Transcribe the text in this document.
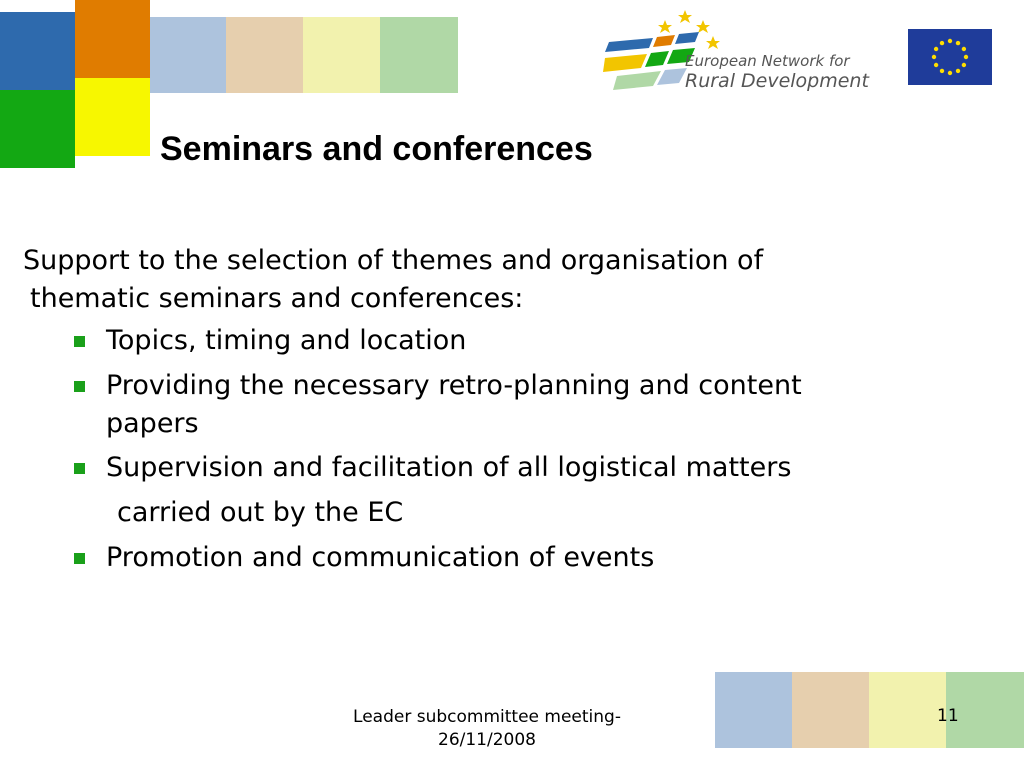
European Network for
Rural Development
Seminars and conferences
Support to the selection of themes and organisation of
thematic seminars and conferences:
Topics, timing and location
Providing the necessary retro-planning and content papers
Supervision and facilitation of all logistical matters
carried out by the EC
Promotion and communication of events
Leader subcommittee meeting-
26/11/2008
11
